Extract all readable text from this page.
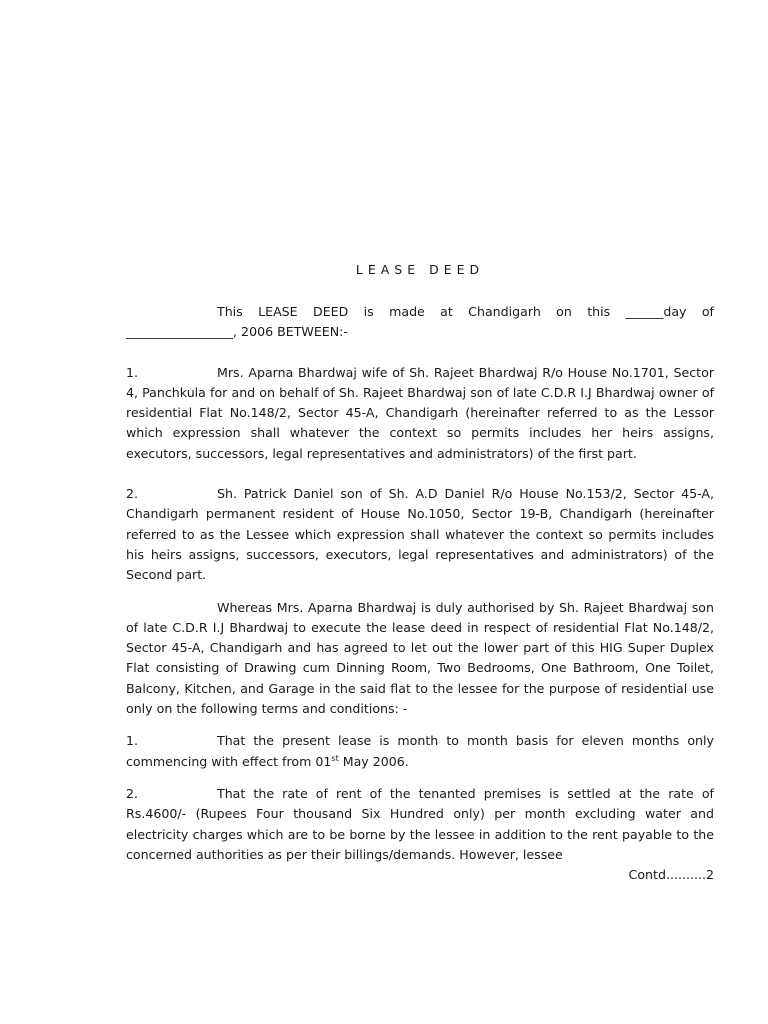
LEASE DEED

This LEASE DEED is made at Chandigarh on this ______day of _________________, 2006 BETWEEN:-

1.	Mrs. Aparna Bhardwaj wife of Sh. Rajeet Bhardwaj R/o House No.1701, Sector 4, Panchkula for and on behalf of Sh. Rajeet Bhardwaj son of late C.D.R I.J Bhardwaj owner of residential Flat No.148/2, Sector 45-A, Chandigarh (hereinafter referred to as the Lessor which expression shall whatever the context so permits includes her heirs assigns, executors, successors, legal representatives and administrators) of the first part.

2.	Sh. Patrick Daniel son of Sh. A.D Daniel R/o House No.153/2, Sector 45-A, Chandigarh permanent resident of House No.1050, Sector 19-B, Chandigarh (hereinafter referred to as the Lessee which expression shall whatever the context so permits includes his heirs assigns, successors, executors, legal representatives and administrators) of the Second part.

Whereas Mrs. Aparna Bhardwaj is duly authorised by Sh. Rajeet Bhardwaj son of late C.D.R I.J Bhardwaj to execute the lease deed in respect of residential Flat No.148/2, Sector 45-A, Chandigarh and has agreed to let out the lower part of this HIG Super Duplex Flat consisting of Drawing cum Dinning Room, Two Bedrooms, One Bathroom, One Toilet, Balcony, Kitchen, and Garage in the said flat to the lessee for the purpose of residential use only on the following terms and conditions: -

1.	That the present lease is month to month basis for eleven months only commencing with effect from 01st May 2006.

2.	That the rate of rent of the tenanted premises is settled at the rate of Rs.4600/- (Rupees Four thousand Six Hundred only) per month excluding water and electricity charges which are to be borne by the lessee in addition to the rent payable to the concerned authorities as per their billings/demands. However, lessee

Contd..........2
